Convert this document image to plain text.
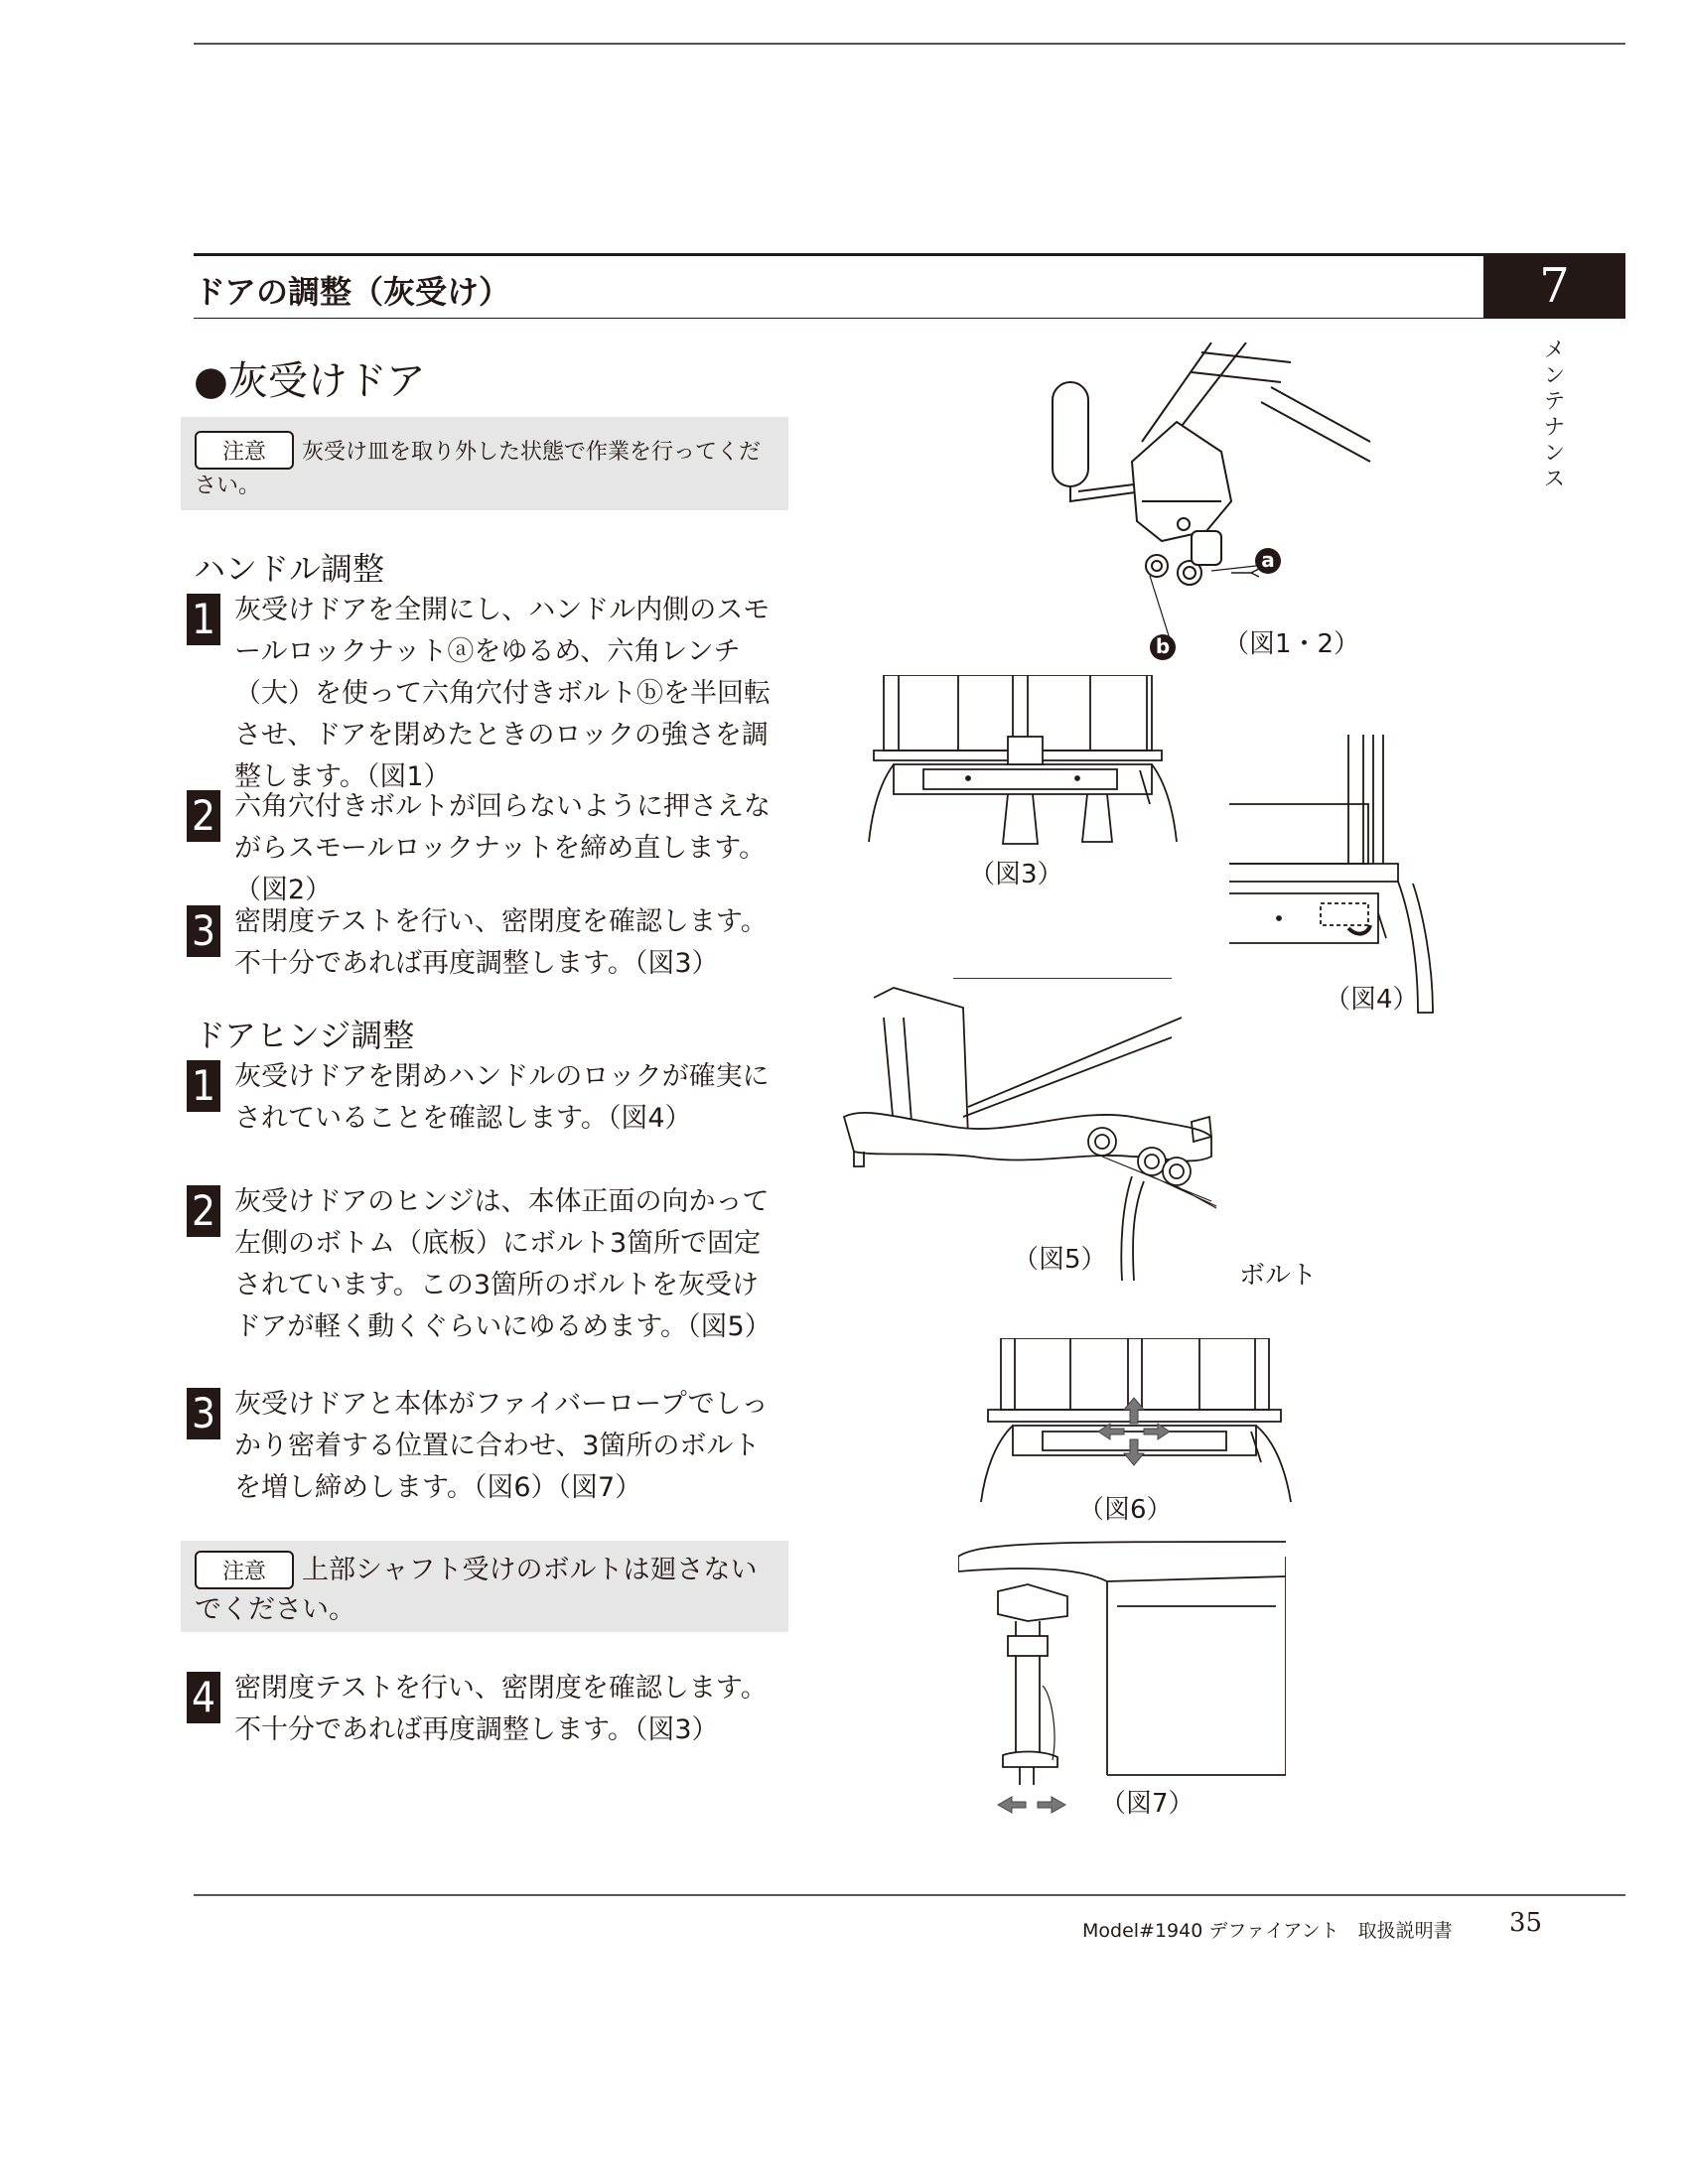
ドアの調整（灰受け）	7
メンテナンス
●灰受けドア
注意 灰受け皿を取り外した状態で作業を行ってください。
ハンドル調整
1 灰受けドアを全開にし、ハンドル内側のスモールロックナットⓐをゆるめ、六角レンチ（大）を使って六角穴付きボルトⓑを半回転させ、ドアを閉めたときのロックの強さを調整します。（図1）
2 六角穴付きボルトが回らないように押さえながらスモールロックナットを締め直します。（図2）
3 密閉度テストを行い、密閉度を確認します。不十分であれば再度調整します。（図3）
ドアヒンジ調整
1 灰受けドアを閉めハンドルのロックが確実にされていることを確認します。（図4）
2 灰受けドアのヒンジは、本体正面の向かって左側のボトム（底板）にボルト3箇所で固定されています。この3箇所のボルトを灰受けドアが軽く動くぐらいにゆるめます。（図5）
3 灰受けドアと本体がファイバーロープでしっかり密着する位置に合わせ、3箇所のボルトを増し締めします。（図6）（図7）
注意 上部シャフト受けのボルトは廻さないでください。
4 密閉度テストを行い、密閉度を確認します。不十分であれば再度調整します。（図3）
a
b （図1・2）
（図3）
（図4）
（図5）
ボルト
（図6）
（図7）
Model#1940 デファイアント　取扱説明書 35
